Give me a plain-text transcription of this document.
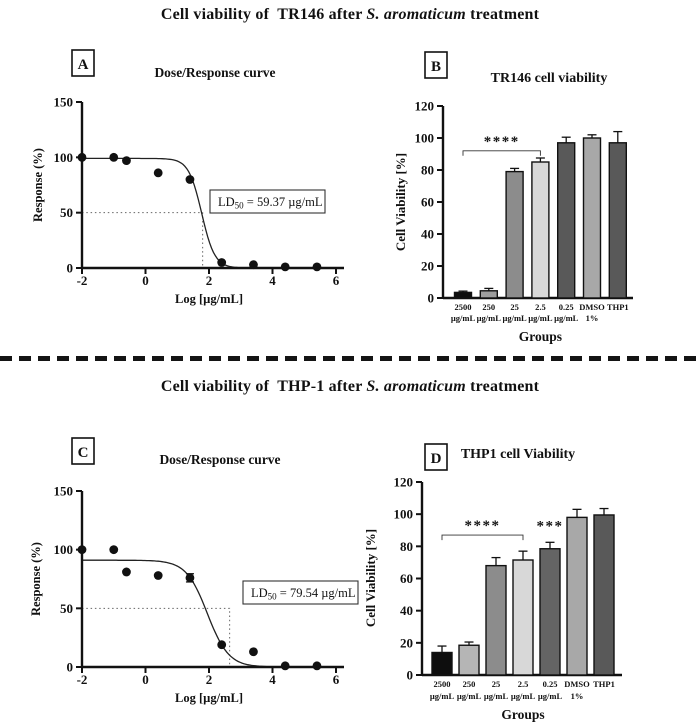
Cell viability of  TR146 after S. aromaticum treatment
A	Dose/Response curve
0
50
100
150
-2	0	2	4	6
Log [µg/mL]
Response (%)	$LD_{50} = 59.37$ µg/mL
B
TR146 cell viability
0
20
40
60
80
100
120
2500
µg/mL
250
µg/mL
25
µg/mL
2.5
µg/mL
0.25
µg/mL
DMSO
1%
THP1
Groups
Cell Viability [%]
****
Cell viability of  THP-1 after S. aromaticum treatment
C	Dose/Response curve
0
50
100
150
-2	0	2	4	6
Log [µg/mL]
Response (%)	$LD_{50} = 79.54$ µg/mL
D THP1 cell Viability
0
20
40
60
80
100
120
2500
µg/mL
250
µg/mL
25
µg/mL
2.5
µg/mL
0.25
µg/mL
DMSO
1%
THP1
Groups
Cell Viability [%]
**** ***
